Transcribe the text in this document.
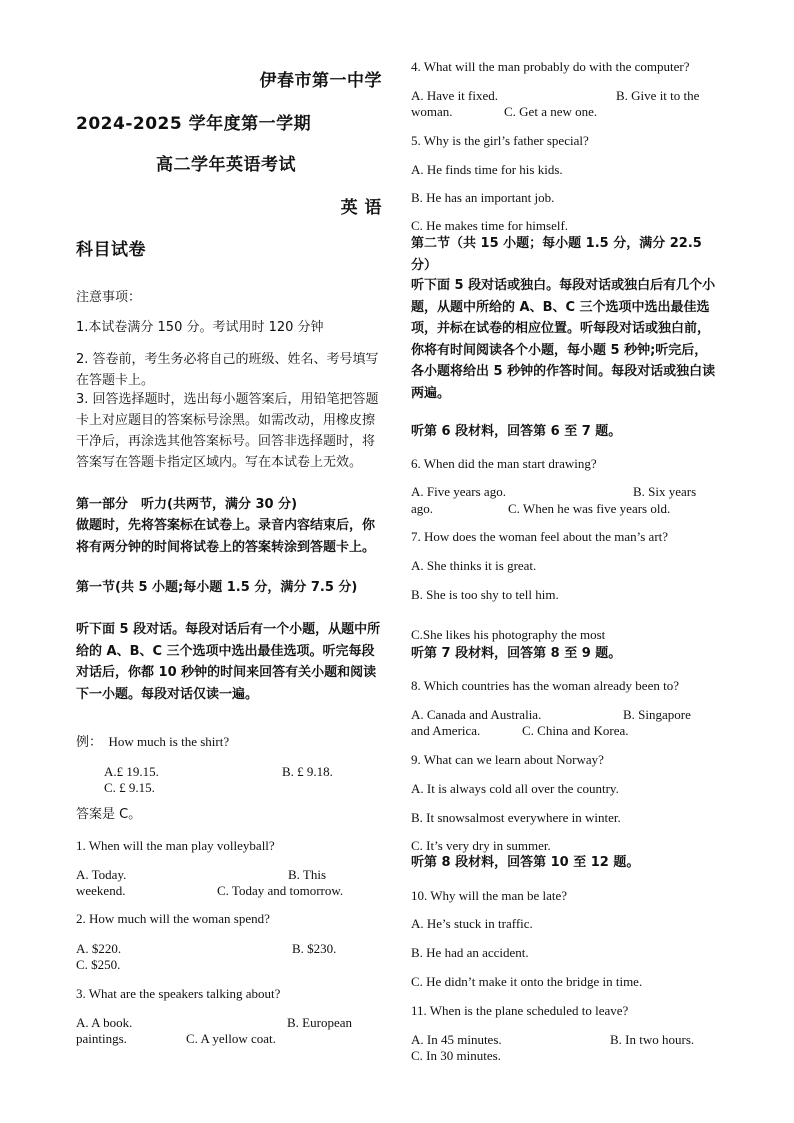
伊春市第一中学
2024-2025 学年度第一学期
高二学年英语考试
英 语
科目试卷
注意事项：
1.本试卷满分 150 分。考试用时 120 分钟
2. 答卷前，考生务必将自己的班级、姓名、考号填写在答题卡上。
3. 回答选择题时，选出每小题答案后，用铅笔把答题卡上对应题目的答案标号涂黑。如需改动，用橡皮擦干净后，再涂选其他答案标号。回答非选择题时，将答案写在答题卡指定区域内。写在本试卷上无效。
第一部分　听力(共两节，满分 30 分)
做题时，先将答案标在试卷上。录音内容结束后，你将有两分钟的时间将试卷上的答案转涂到答题卡上。
第一节(共 5 小题;每小题 1.5 分，满分 7.5 分)
听下面 5 段对话。每段对话后有一个小题，从题中所给的 A、B、C 三个选项中选出最佳选项。听完每段对话后，你都 10 秒钟的时间来回答有关小题和阅读下一小题。每段对话仅读一遍。
例：　How much is the shirt?
A.£ 19.15.	B. £ 9.18.
C. £ 9.15.
答案是 C。
1. When will the man play volleyball?
A. Today.	B. This
weekend.	C. Today and tomorrow.
2. How much will the woman spend?
A. $220.	B. $230.
C. $250.
3. What are the speakers talking about?
A. A book.	B. European
paintings.	C. A yellow coat.
4. What will the man probably do with the computer?
A. Have it fixed.	B. Give it to the
woman.	C. Get a new one.
5. Why is the girl’s father special?
A. He finds time for his kids.
B. He has an important job.
C. He makes time for himself.
第二节（共 15 小题；每小题 1.5 分，满分 22.5 分）
听下面 5 段对话或独白。每段对话或独白后有几个小题，从题中所给的 A、B、C 三个选项中选出最佳选项，并标在试卷的相应位置。听每段对话或独白前，你将有时间阅读各个小题，每小题 5 秒钟;听完后，各小题将给出 5 秒钟的作答时间。每段对话或独白读两遍。
听第 6 段材料，回答第 6 至 7 题。
6. When did the man start drawing?
A. Five years ago.	B. Six years
ago.	C. When he was five years old.
7. How does the woman feel about the man’s art?
A. She thinks it is great.
B. She is too shy to tell him.
C.She likes his photography the most
听第 7 段材料，回答第 8 至 9 题。
8. Which countries has the woman already been to?
A. Canada and Australia.	B. Singapore
and America.	C. China and Korea.
9. What can we learn about Norway?
A. It is always cold all over the country.
B. It snowsalmost everywhere in winter.
C. It’s very dry in summer.
听第 8 段材料，回答第 10 至 12 题。
10. Why will the man be late?
A. He’s stuck in traffic.
B. He had an accident.
C. He didn’t make it onto the bridge in time.
11. When is the plane scheduled to leave?
A. In 45 minutes.	B. In two hours.
C. In 30 minutes.
